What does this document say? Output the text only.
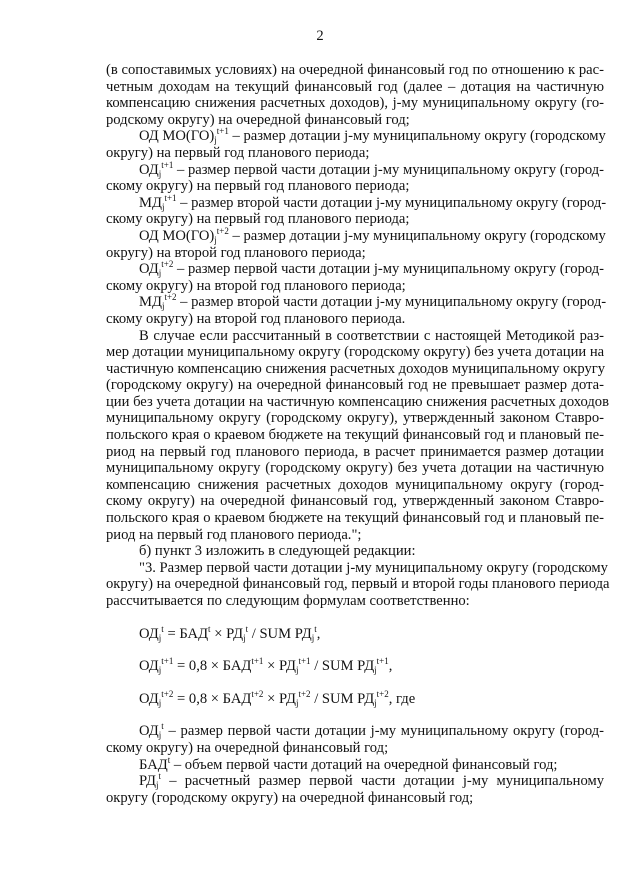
2
(в сопоставимых условиях) на очередной финансовый год по отношению к рас-
четным доходам на текущий финансовый год (далее – дотация на частичную
компенсацию снижения расчетных доходов), j-му муниципальному округу (го-
родскому округу) на очередной финансовый год;
ОД $МО(ГО)_j^{t+1}$ – размер дотации j-му муниципальному округу (городскому
округу) на первый год планового периода;
$ОД_j^{t+1}$ – размер первой части дотации j-му муниципальному округу (город-
скому округу) на первый год планового периода;
$МД_j^{t+1}$ – размер второй части дотации j-му муниципальному округу (город-
скому округу) на первый год планового периода;
ОД $МО(ГО)_j^{t+2}$ – размер дотации j-му муниципальному округу (городскому
округу) на второй год планового периода;
$ОД_j^{t+2}$ – размер первой части дотации j-му муниципальному округу (город-
скому округу) на второй год планового периода;
$МД_j^{t+2}$ – размер второй части дотации j-му муниципальному округу (город-
скому округу) на второй год планового периода.
В случае если рассчитанный в соответствии с настоящей Методикой раз-
мер дотации муниципальному округу (городскому округу) без учета дотации на
частичную компенсацию снижения расчетных доходов муниципальному округу
(городскому округу) на очередной финансовый год не превышает размер дота-
ции без учета дотации на частичную компенсацию снижения расчетных доходов
муниципальному округу (городскому округу), утвержденный законом Ставро-
польского края о краевом бюджете на текущий финансовый год и плановый пе-
риод на первый год планового периода, в расчет принимается размер дотации
муниципальному округу (городскому округу) без учета дотации на частичную
компенсацию снижения расчетных доходов муниципальному округу (город-
скому округу) на очередной финансовый год, утвержденный законом Ставро-
польского края о краевом бюджете на текущий финансовый год и плановый пе-
риод на первый год планового периода.";
б) пункт 3 изложить в следующей редакции:
"3. Размер первой части дотации j-му муниципальному округу (городскому
округу) на очередной финансовый год, первый и второй годы планового периода
рассчитывается по следующим формулам соответственно:
$ОД_j^t = БАД^t \times РД_j^t$ / SUM $РД_j^t$,
$ОД_j^{t+1} = 0,8 \times БАД^{t+1} \times РД_j^{t+1}$ / SUM $РД_j^{t+1}$,
$ОД_j^{t+2} = 0,8 \times БАД^{t+2} \times РД_j^{t+2}$ / SUM $РД_j^{t+2}$, где
$ОД_j^t$ – размер первой части дотации j-му муниципальному округу (город-
скому округу) на очередной финансовый год;
БАД$^t$ – объем первой части дотаций на очередной финансовый год;
$РД_j^t$ – расчетный размер первой части дотации j-му муниципальному
округу (городскому округу) на очередной финансовый год;
